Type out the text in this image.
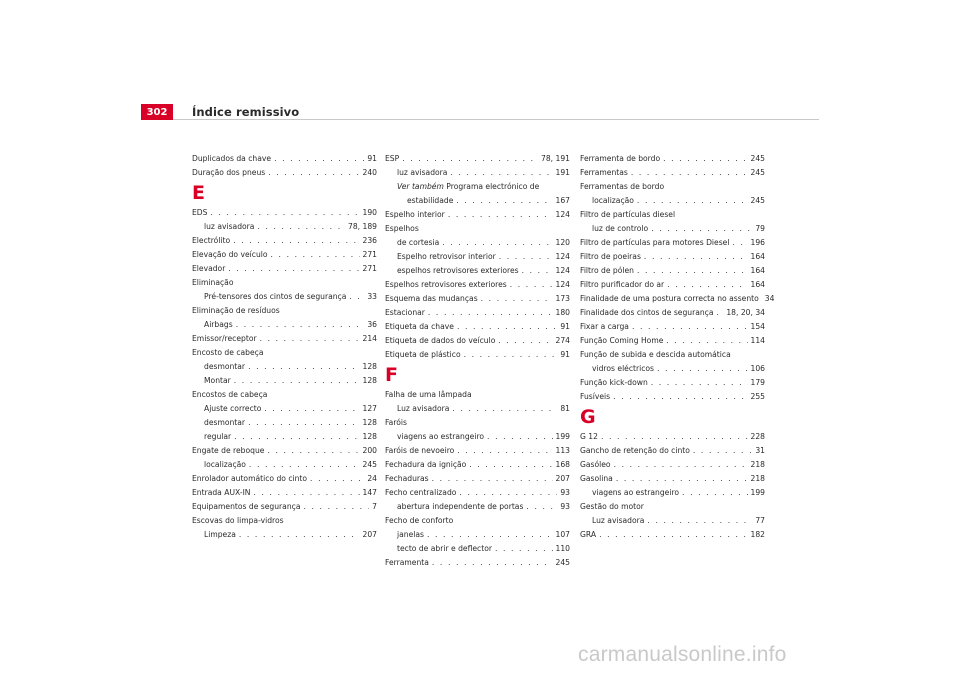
302 Índice remissivo
Duplicados da chave . . .	91
Duração dos pneus . . .	240
E
EDS . . .	190
luz avisadora . . .	78, 189
Electrólito . . .	236
Elevação do veículo . . .	271
Elevador . . .	271
Eliminação
Pré-tensores dos cintos de segurança . . .	33
Eliminação de resíduos
Airbags . . .	36
Emissor/receptor . . .	214
Encosto de cabeça
desmontar . . .	128
Montar . . .	128
Encostos de cabeça
Ajuste correcto . . .	127
desmontar . . .	128
regular . . .	128
Engate de reboque . . .	200
localização . . .	245
Enrolador automático do cinto . . .	24
Entrada AUX-IN . . .	147
Equipamentos de segurança . . .	7
Escovas do limpa-vidros
Limpeza . . .	207
ESP . . .	78, 191
luz avisadora . . .	191
Ver também Programa electrónico de
estabilidade . . .	167
Espelho interior . . .	124
Espelhos
de cortesia . . .	120
Espelho retrovisor interior . . .	124
espelhos retrovisores exteriores . . .	124
Espelhos retrovisores exteriores . . .	124
Esquema das mudanças . . .	173
Estacionar . . .	180
Etiqueta da chave . . .	91
Etiqueta de dados do veículo . . .	274
Etiqueta de plástico . . .	91
F
Falha de uma lâmpada
Luz avisadora . . .	81
Faróis
viagens ao estrangeiro . . .	199
Faróis de nevoeiro . . .	113
Fechadura da ignição . . .	168
Fechaduras . . .	207
Fecho centralizado . . .	93
abertura independente de portas . . .	93
Fecho de conforto
janelas . . .	107
tecto de abrir e deflector . . .	110
Ferramenta . . .	245
Ferramenta de bordo . . .	245
Ferramentas . . .	245
Ferramentas de bordo
localização . . .	245
Filtro de partículas diesel
luz de controlo . . .	79
Filtro de partículas para motores Diesel . . .	196
Filtro de poeiras . . .	164
Filtro de pólen . . .	164
Filtro purificador do ar . . .	164
Finalidade de uma postura correcta no assento 34
Finalidade dos cintos de segurança . . . 18, 20, 34
Fixar a carga . . .	154
Função Coming Home . . .	114
Função de subida e descida automática
vidros eléctricos . . .	106
Função kick-down . . .	179
Fusíveis . . .	255
G
G 12 . . .	228
Gancho de retenção do cinto . . .	31
Gasóleo . . .	218
Gasolina . . .	218
viagens ao estrangeiro . . .	199
Gestão do motor
Luz avisadora . . .	77
GRA . . .	182
carmanualsonline.info
